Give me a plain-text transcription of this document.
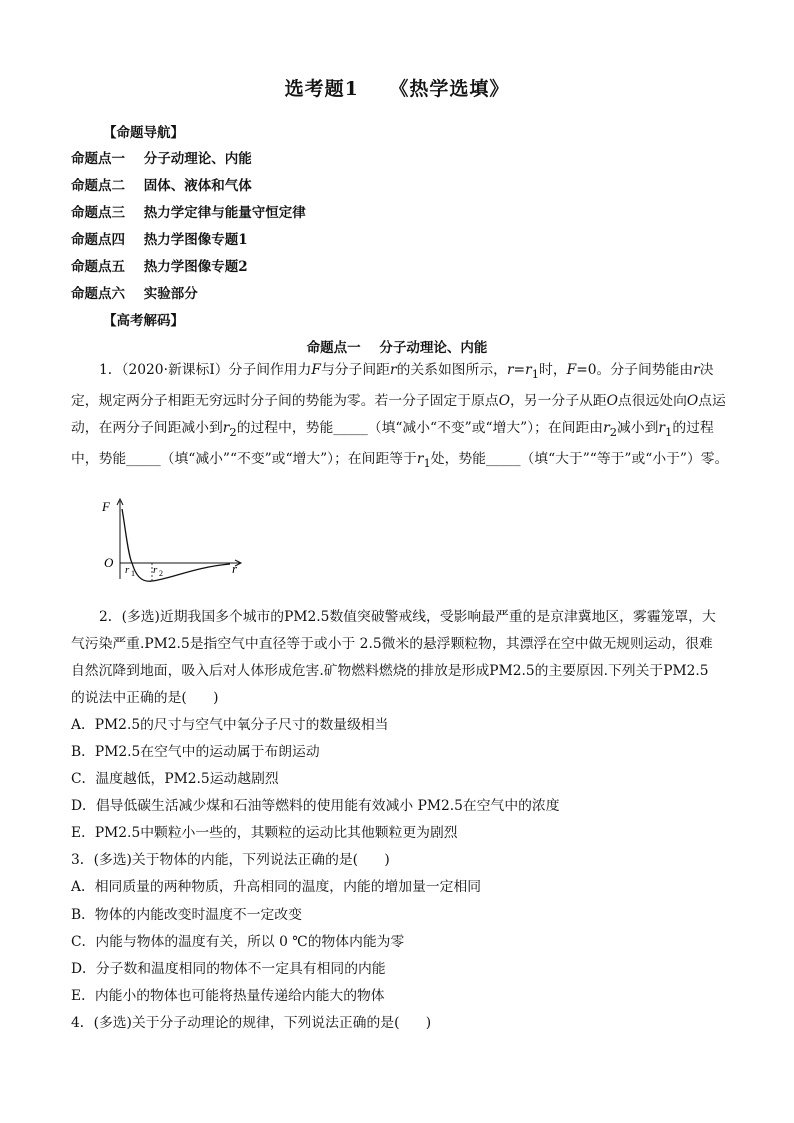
选考题1    《热学选填》
【命题导航】
命题点一    分子动理论、内能
命题点二    固体、液体和气体
命题点三    热力学定律与能量守恒定律
命题点四    热力学图像专题1
命题点五    热力学图像专题2
命题点六    实验部分
【高考解码】
命题点一    分子动理论、内能
1．（2020·新课标Ⅰ）分子间作用力F与分子间距r的关系如图所示，$r=r_1$时，F=0。分子间势能由r决定，规定两分子相距无穷远时分子间的势能为零。若一分子固定于原点O，另一分子从距O点很远处向O点运动，在两分子间距减小到$r_2$的过程中，势能_____（填“减小“不变”或“增大”）；在间距由$r_2$减小到$r_1$的过程中，势能_____（填“减小”“不变”或“增大”）；在间距等于$r_1$处，势能_____（填“大于”“等于”或“小于”）零。
F
O	r
r 1 r 2
2．(多选)近期我国多个城市的PM2.5数值突破警戒线，受影响最严重的是京津冀地区，雾霾笼罩，大
气污染严重.PM2.5是指空气中直径等于或小于 2.5微米的悬浮颗粒物，其漂浮在空中做无规则运动，很难
自然沉降到地面，吸入后对人体形成危害.矿物燃料燃烧的排放是形成PM2.5的主要原因.下列关于PM2.5
的说法中正确的是(      )
A．PM2.5的尺寸与空气中氧分子尺寸的数量级相当
B．PM2.5在空气中的运动属于布朗运动
C．温度越低，PM2.5运动越剧烈
D．倡导低碳生活减少煤和石油等燃料的使用能有效减小 PM2.5在空气中的浓度
E．PM2.5中颗粒小一些的，其颗粒的运动比其他颗粒更为剧烈
3．(多选)关于物体的内能，下列说法正确的是(      )
A．相同质量的两种物质，升高相同的温度，内能的增加量一定相同
B．物体的内能改变时温度不一定改变
C．内能与物体的温度有关，所以 0 ℃的物体内能为零
D．分子数和温度相同的物体不一定具有相同的内能
E．内能小的物体也可能将热量传递给内能大的物体
4．(多选)关于分子动理论的规律，下列说法正确的是(      )
